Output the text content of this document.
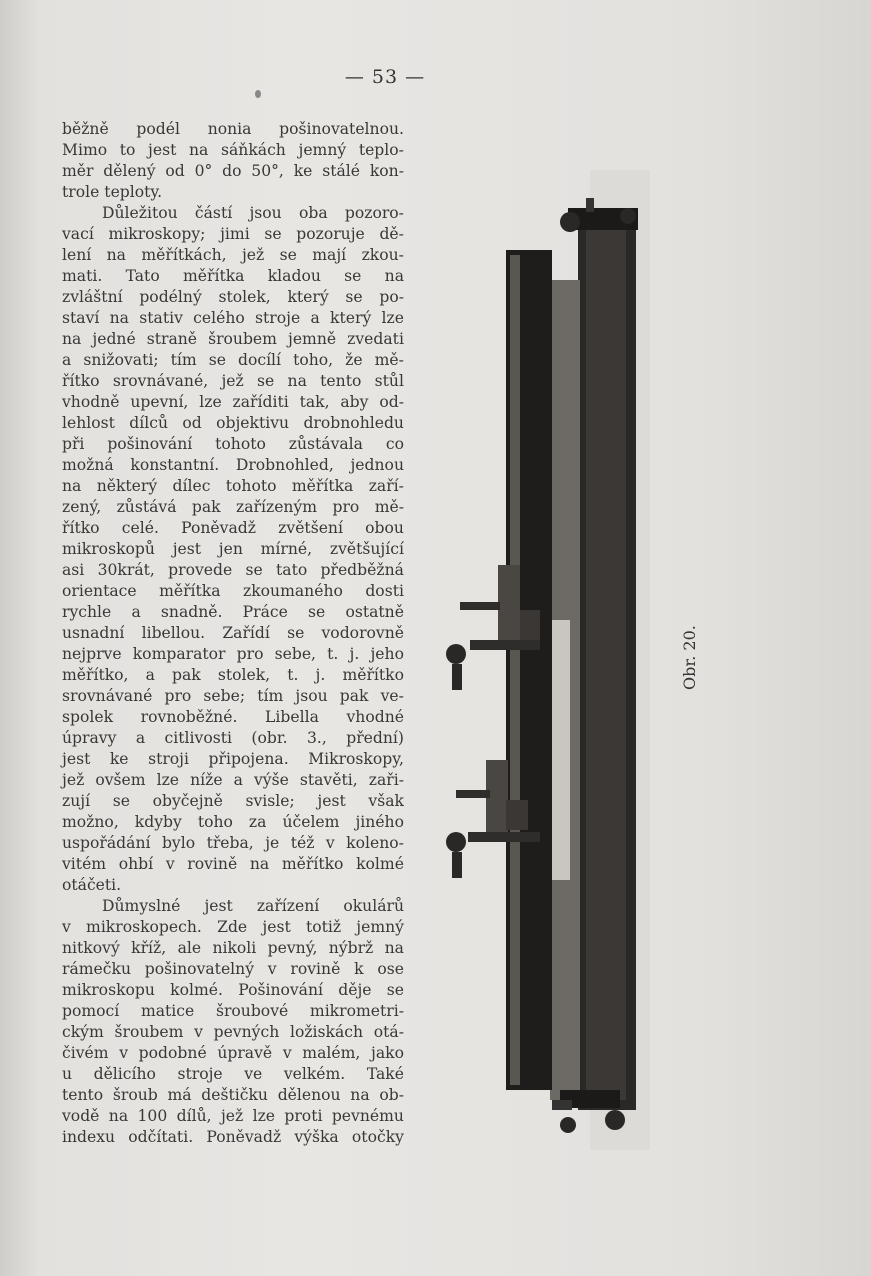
— 53 —
běžně podél nonia pošinovatelnou.
Mimo to jest na sáňkách jemný teplo-
měr dělený od 0° do 50°, ke stálé kon-
trole teploty.
Důležitou částí jsou oba pozoro-
vací mikroskopy; jimi se pozoruje dě-
lení na měřítkách, jež se mají zkou-
mati. Tato měřítka kladou se na
zvláštní podélný stolek, který se po-
staví na stativ celého stroje a který lze
na jedné straně šroubem jemně zvedati
a snižovati; tím se docílí toho, že mě-
řítko srovnávané, jež se na tento stůl
vhodně upevní, lze zaříditi tak, aby od-
lehlost dílců od objektivu drobnohledu
při pošinování tohoto zůstávala co
možná konstantní. Drobnohled, jednou
na některý dílec tohoto měřítka zaří-
zený, zůstává pak zařízeným pro mě-
řítko celé. Poněvadž zvětšení obou
mikroskopů jest jen mírné, zvětšující
asi 30krát, provede se tato předběžná
orientace měřítka zkoumaného dosti
rychle a snadně. Práce se ostatně
usnadní libellou. Zařídí se vodorovně
nejprve komparator pro sebe, t. j. jeho
měřítko, a pak stolek, t. j. měřítko
srovnávané pro sebe; tím jsou pak ve-
spolek rovnoběžné. Libella vhodné
úpravy a citlivosti (obr. 3., přední)
jest ke stroji připojena. Mikroskopy,
jež ovšem lze níže a výše stavěti, zaři-
zují se obyčejně svisle; jest však
možno, kdyby toho za účelem jiného
uspořádání bylo třeba, je též v koleno-
vitém ohbí v rovině na měřítko kolmé
otáčeti.
Důmyslné jest zařízení okulárů
v mikroskopech. Zde jest totiž jemný
nitkový kříž, ale nikoli pevný, nýbrž na
rámečku pošinovatelný v rovině k ose
mikroskopu kolmé. Pošinování děje se
pomocí matice šroubové mikrometri-
ckým šroubem v pevných ložiskách otá-
čivém v podobné úpravě v malém, jako
u dělicího stroje ve velkém. Také
tento šroub má deštičku dělenou na ob-
vodě na 100 dílů, jež lze proti pevnému
indexu odčítati. Poněvadž výška otočky
Obr. 20.
